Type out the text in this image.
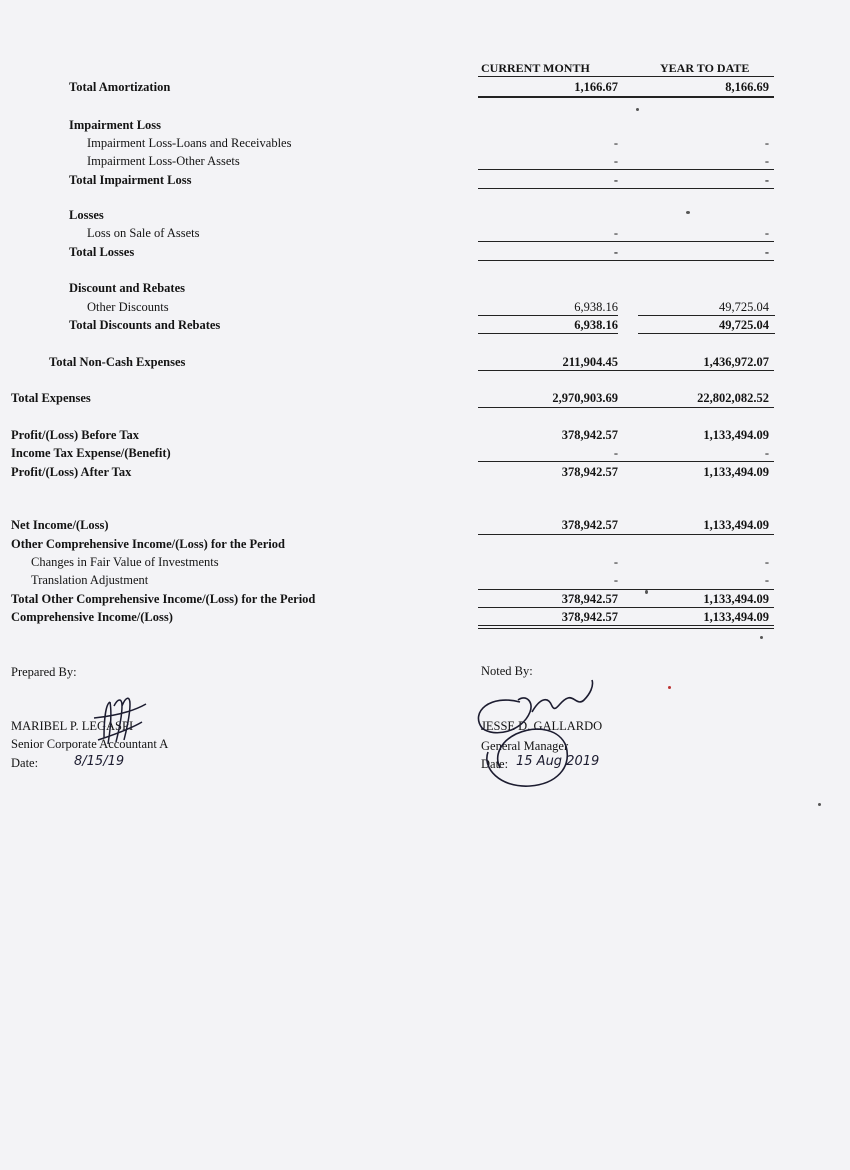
CURRENT MONTH	YEAR TO DATE
Total Amortization	1,166.67	8,166.69
Impairment Loss
Impairment Loss-Loans and Receivables	-	-
Impairment Loss-Other Assets	-	-
Total Impairment Loss	-	-
Losses
Loss on Sale of Assets	-	-
Total Losses	-	-
Discount and Rebates
Other Discounts	6,938.16	49,725.04
Total Discounts and Rebates	6,938.16	49,725.04
Total Non-Cash Expenses	211,904.45	1,436,972.07
Total Expenses	2,970,903.69	22,802,082.52
Profit/(Loss) Before Tax	378,942.57	1,133,494.09
Income Tax Expense/(Benefit)	-	-
Profit/(Loss) After Tax	378,942.57	1,133,494.09
Net Income/(Loss)	378,942.57	1,133,494.09
Other Comprehensive Income/(Loss) for the Period
Changes in Fair Value of Investments	-	-
Translation Adjustment	-	-
Total Other Comprehensive Income/(Loss) for the Period	378,942.57	1,133,494.09
Comprehensive Income/(Loss)	378,942.57	1,133,494.09
Prepared By:
MARIBEL P. LEGASPI
Senior Corporate Accountant A
Date:	8/15/19
Noted By:
JESSE D. GALLARDO
General Manager
Date: 15 Aug 2019
